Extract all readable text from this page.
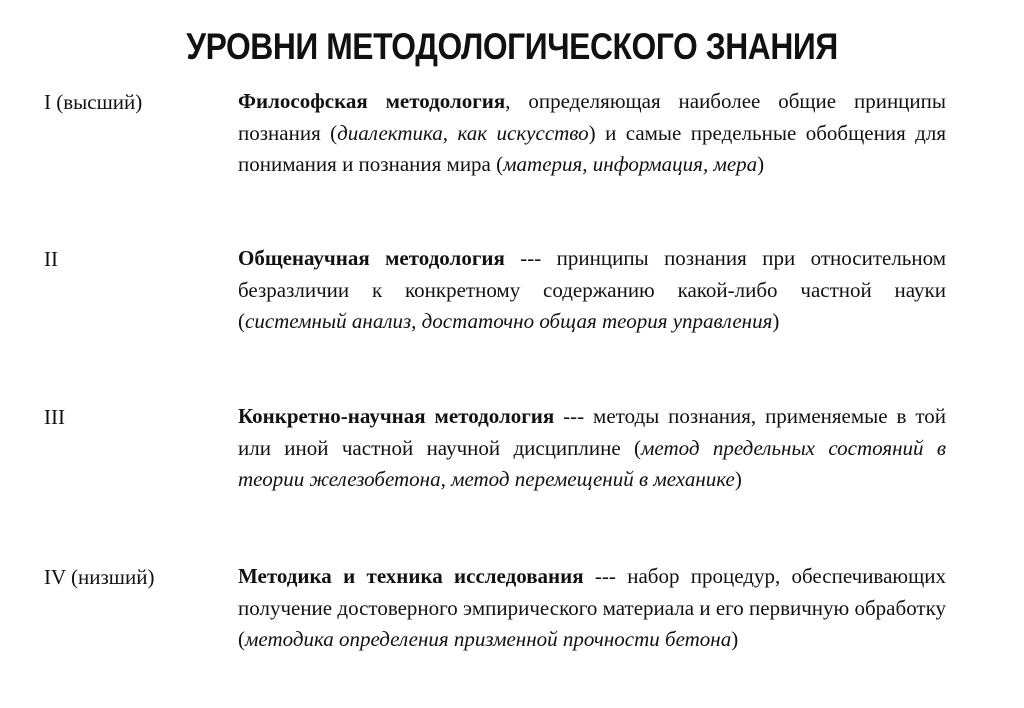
УРОВНИ МЕТОДОЛОГИЧЕСКОГО ЗНАНИЯ
I (высший)	Философская методология, определяющая наиболее общие принципы познания (диалектика, как искусство) и самые предельные обобщения для понимания и познания мира (материя, информация, мера)
II	Общенаучная методология --- принципы познания при относительном безразличии к конкретному содержанию какой-либо частной науки (системный анализ, достаточно общая теория управления)
III	Конкретно-научная методология --- методы познания, применяемые в той или иной частной научной дисциплине (метод предельных состояний в теории железобетона, метод перемещений в механике)
IV (низший)	Методика и техника исследования --- набор процедур, обеспечивающих получение достоверного эмпирического материала и его первичную обработку (методика определения призменной прочности бетона)
